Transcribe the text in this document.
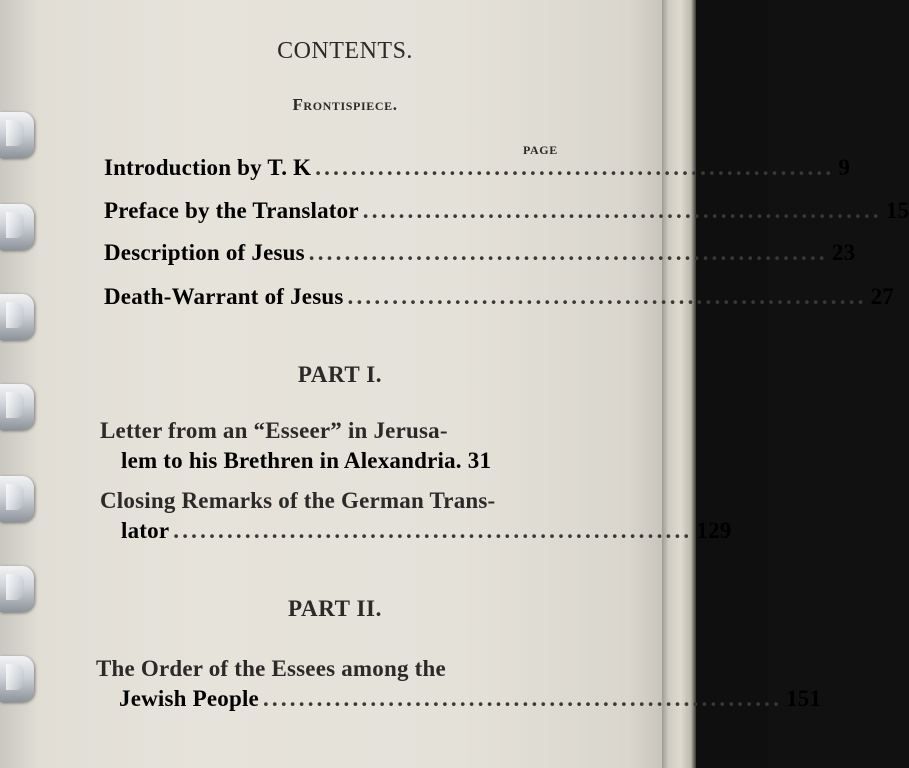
CONTENTS.
Frontispiece.
PAGE
Introduction by T. K .......................................................... 9
Preface by the Translator .......................................................... 15
Description of Jesus .......................................................... 23
Death-Warrant of Jesus .......................................................... 27
PART I.
Letter from an “Esseer” in Jerusa-
lem to his Brethren in Alexandria. 31
Closing Remarks of the German Trans-
lator .......................................................... 129
PART II.
The Order of the Essees among the
Jewish People .......................................................... 151
